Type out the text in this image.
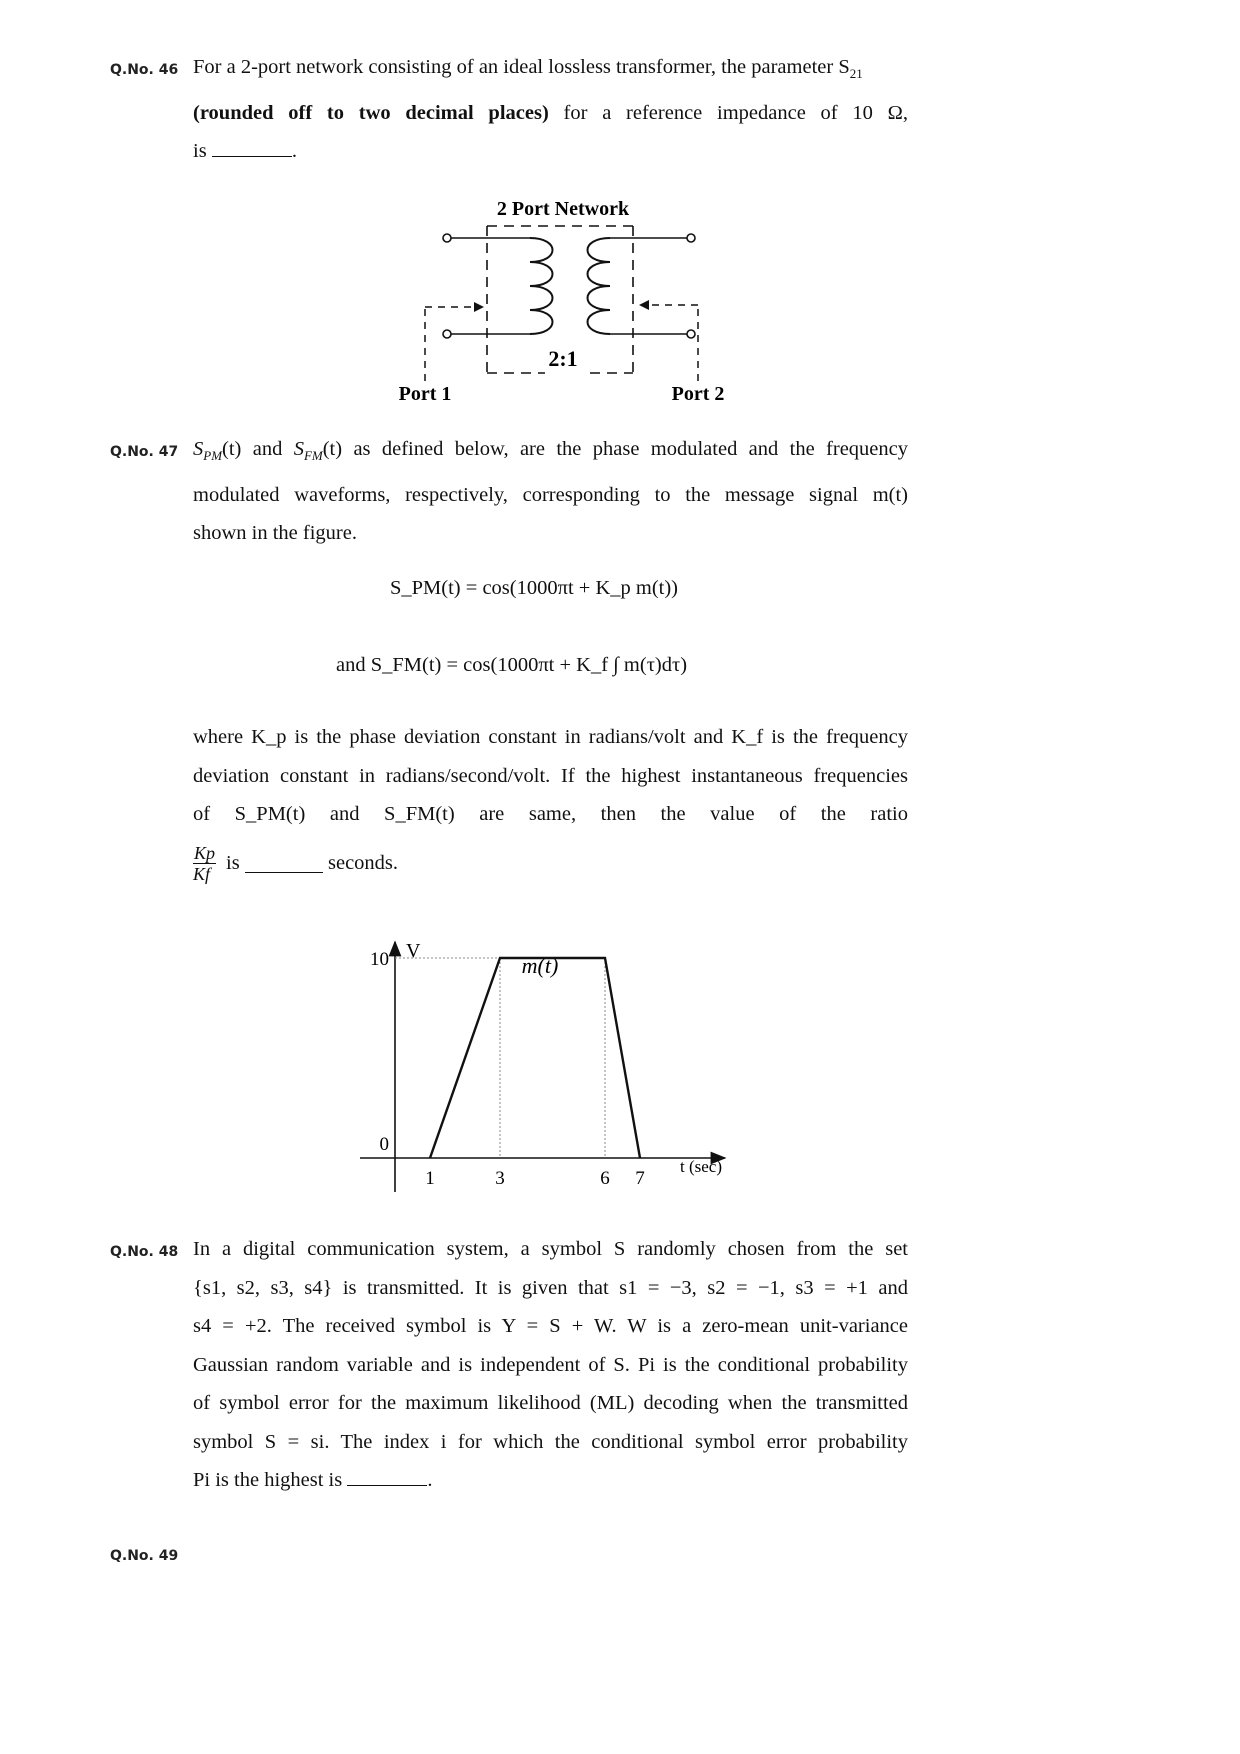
Q.No. 46 For a 2-port network consisting of an ideal lossless transformer, the parameter $S_{21}$
(rounded off to two decimal places) for a reference impedance of 10 Ω,
is	.
2 Port Network
2:1
Port 1	Port 2
Q.No. 47 $S_{PM}(t)$ and $S_{FM}(t)$ as defined below, are the phase modulated and the frequency
modulated waveforms, respectively, corresponding to the message signal m(t)
shown in the figure.
S_PM(t) = cos(1000πt + K_p m(t))
and S_FM(t) = cos(1000πt + K_f ∫ m(τ)dτ)
where K_p is the phase deviation constant in radians/volt and K_f is the frequency
deviation constant in radians/second/volt. If the highest instantaneous frequencies
of S_PM(t) and S_FM(t) are same, then the value of the ratio
Kp
Kf is	seconds.
V
m(t)
t (sec)
1	3	6 7
0
10
Q.No. 48 In a digital communication system, a symbol S randomly chosen from the set
{s1, s2, s3, s4} is transmitted. It is given that s1 = −3, s2 = −1, s3 = +1 and
s4 = +2. The received symbol is Y = S + W. W is a zero-mean unit-variance
Gaussian random variable and is independent of S. Pi is the conditional probability
of symbol error for the maximum likelihood (ML) decoding when the transmitted
symbol S = si. The index i for which the conditional symbol error probability
Pi is the highest is	.
Q.No. 49
